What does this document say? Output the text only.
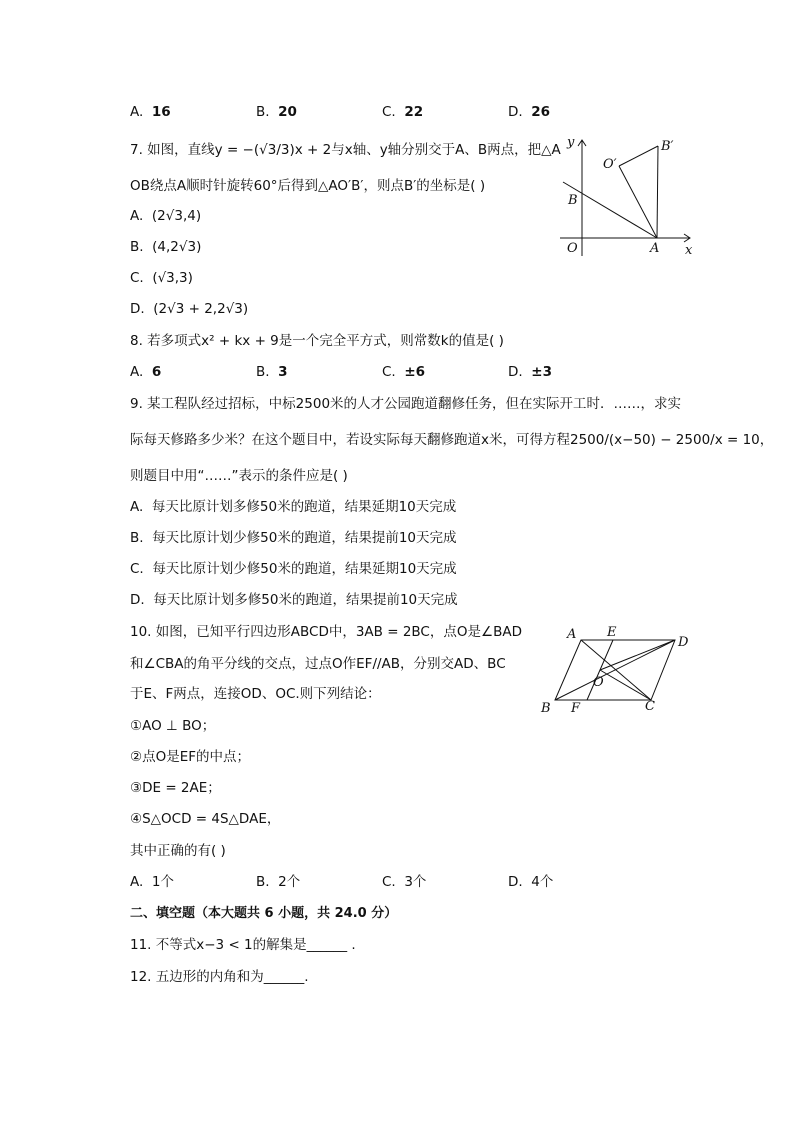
A. 16	B. 20	C. 22	D. 26
7. 如图，直线y = −(√3/3)x + 2与x轴、y轴分别交于A、B两点，把△A
OB绕点A顺时针旋转60°后得到△AO′B′，则点B′的坐标是( )
A. (2√3,4)
B. (4,2√3)
C. (√3,3)
D. (2√3 + 2,2√3)
y
x
O	A
B
O′
B′
8. 若多项式x² + kx + 9是一个完全平方式，则常数k的值是( )
A. 6	B. 3	C. ±6	D. ±3
9. 某工程队经过招标，中标2500米的人才公园跑道翻修任务，但在实际开工时．……，求实
际每天修路多少米？在这个题目中，若设实际每天翻修跑道x米，可得方程2500/(x−50) − 2500/x = 10，
则题目中用“……”表示的条件应是( )
A. 每天比原计划多修50米的跑道，结果延期10天完成
B. 每天比原计划少修50米的跑道，结果提前10天完成
C. 每天比原计划少修50米的跑道，结果延期10天完成
D. 每天比原计划多修50米的跑道，结果提前10天完成
10. 如图，已知平行四边形ABCD中，3AB = 2BC，点O是∠BAD
和∠CBA的角平分线的交点，过点O作EF//AB，分别交AD、BC
于E、F两点，连接OD、OC.则下列结论：
①AO ⊥ BO；
②点O是EF的中点；
③DE = 2AE；
④S△OCD = 4S△DAE，
其中正确的有( )
A. 1个	B. 2个	C. 3个	D. 4个
A E
D
B F	C
O
二、填空题（本大题共 6 小题，共 24.0 分）
11. 不等式x−3 < 1的解集是______ .
12. 五边形的内角和为______.
